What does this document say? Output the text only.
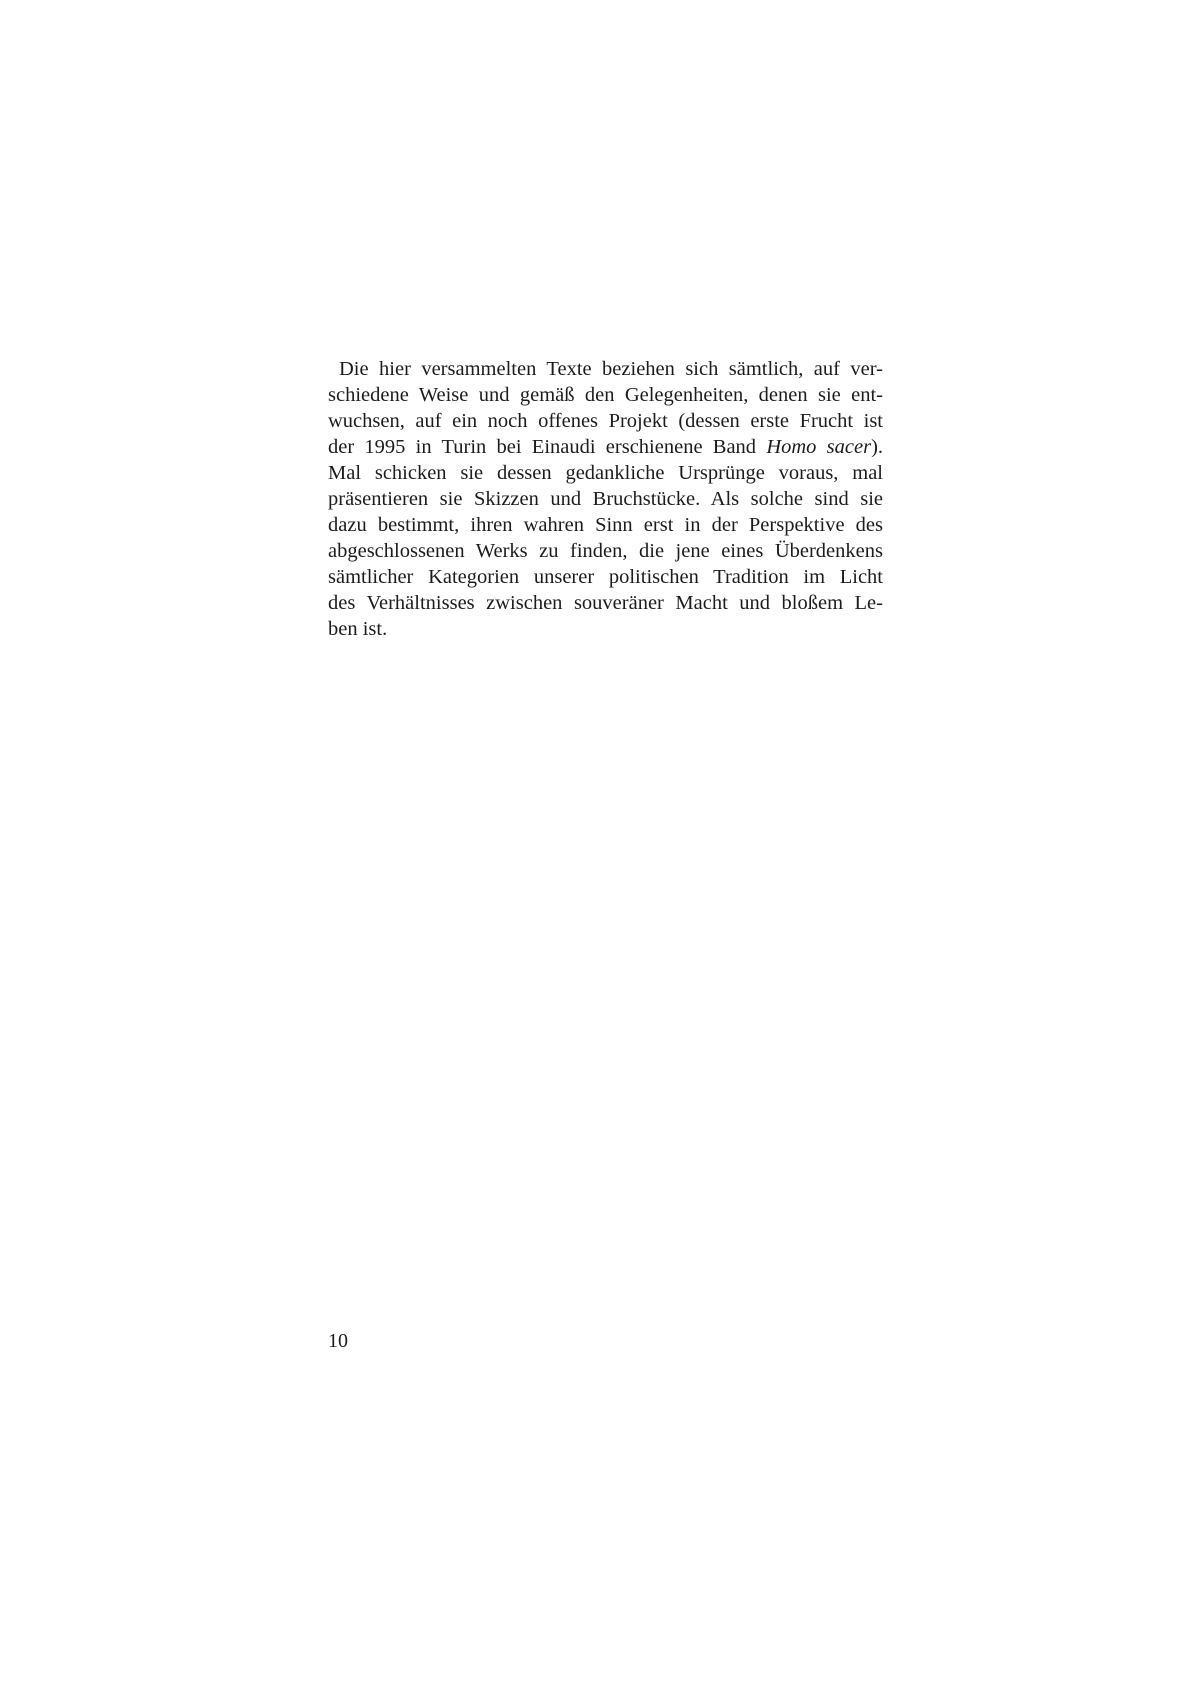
Die hier versammelten Texte beziehen sich sämtlich, auf ver-
schiedene Weise und gemäß den Gelegenheiten, denen sie ent-
wuchsen, auf ein noch offenes Projekt (dessen erste Frucht ist
der 1995 in Turin bei Einaudi erschienene Band Homo sacer).
Mal schicken sie dessen gedankliche Ursprünge voraus, mal
präsentieren sie Skizzen und Bruchstücke. Als solche sind sie
dazu bestimmt, ihren wahren Sinn erst in der Perspektive des
abgeschlossenen Werks zu finden, die jene eines Überdenkens
sämtlicher Kategorien unserer politischen Tradition im Licht
des Verhältnisses zwischen souveräner Macht und bloßem Le-
ben ist.
10
